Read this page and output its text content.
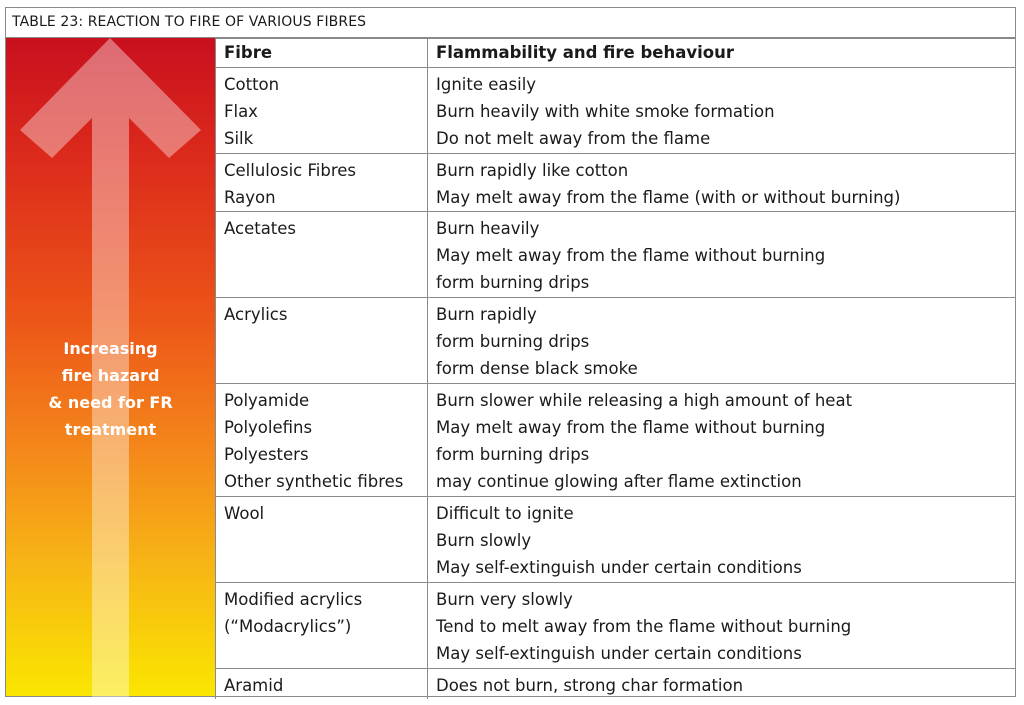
TABLE 23: REACTION TO FIRE OF VARIOUS FIBRES
Increasing
fire hazard
& need for FR
treatment
Fibre	Flammability and fire behaviour

Cotton
Flax
Silk	Ignite easily
Burn heavily with white smoke formation
Do not melt away from the flame

Cellulosic Fibres
Rayon	Burn rapidly like cotton
May melt away from the flame (with or without burning)

Acetates	Burn heavily
May melt away from the flame without burning
form burning drips

Acrylics	Burn rapidly
form burning drips
form dense black smoke

Polyamide
Polyolefins
Polyesters
Other synthetic fibres	Burn slower while releasing a high amount of heat
May melt away from the flame without burning
form burning drips
may continue glowing after flame extinction

Wool	Difficult to ignite
Burn slowly
May self-extinguish under certain conditions

Modified acrylics
(“Modacrylics”)	Burn very slowly
Tend to melt away from the flame without burning
May self-extinguish under certain conditions

Aramid	Does not burn, strong char formation
